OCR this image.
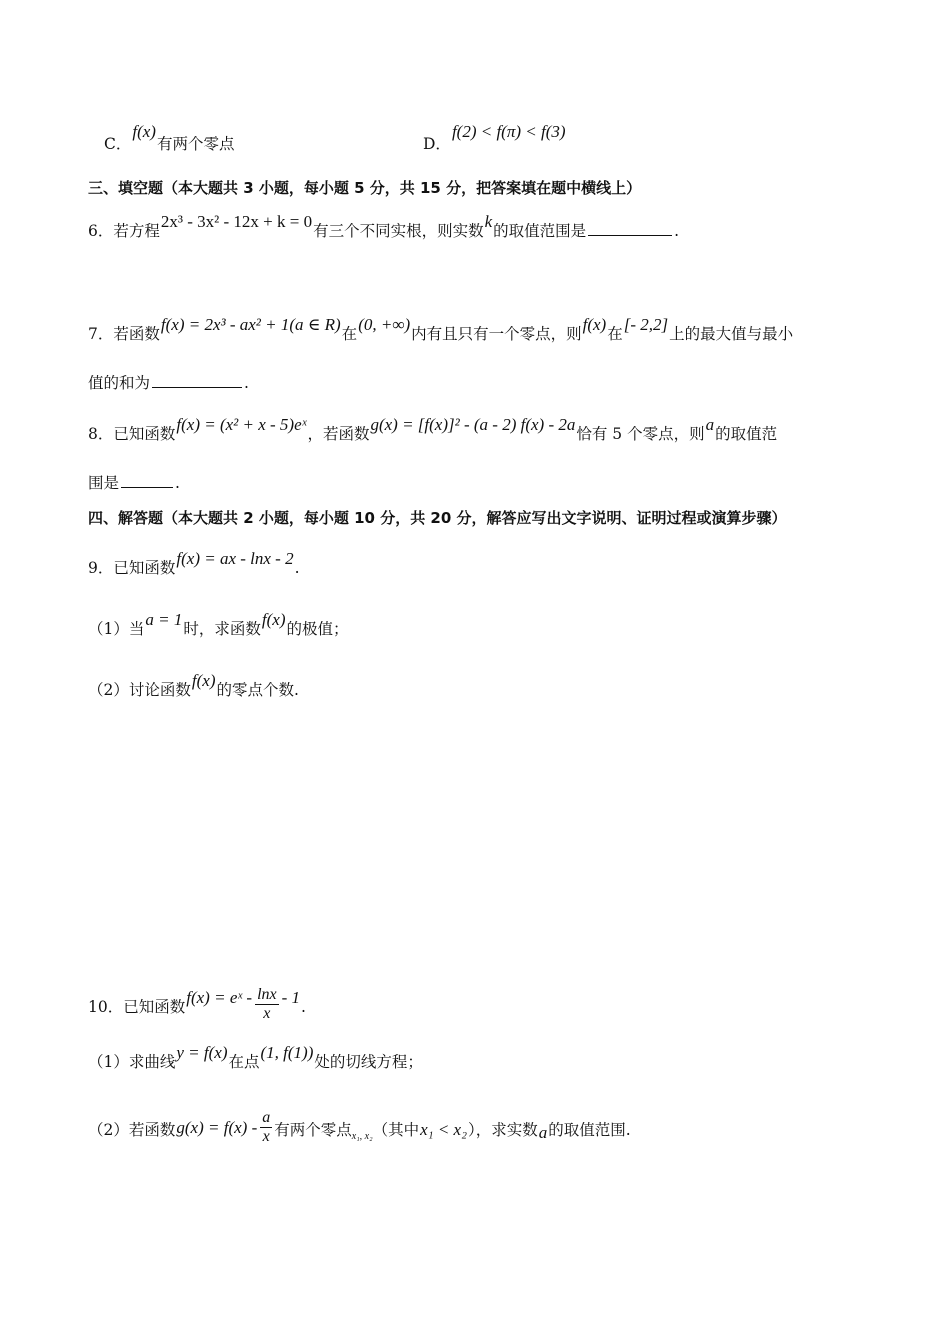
C．f(x)有两个零点	D．f(2) < f(π) < f(3)
三、填空题（本大题共 3 小题，每小题 5 分，共 15 分，把答案填在题中横线上）
6．若方程2x³ - 3x² - 12x + k = 0有三个不同实根，则实数k的取值范围是	.
7．若函数f(x) = 2x³ - ax² + 1(a ∈ R)在(0, +∞)内有且只有一个零点，则f(x)在[- 2,2]上的最大值与最小
值的和为	.
8．已知函数f(x) = (x² + x - 5)eˣ，若函数g(x) = [f(x)]² - (a - 2) f(x) - 2a恰有 5 个零点，则a的取值范
围是	.
四、解答题（本大题共 2 小题，每小题 10 分，共 20 分，解答应写出文字说明、证明过程或演算步骤）
9．已知函数f(x) = ax - lnx - 2.
（1）当a = 1时，求函数f(x)的极值；
（2）讨论函数f(x)的零点个数.
10．已知函数f(x) = eˣ - $\frac{\ln x}{x} - 1$.
（1）求曲线y = f(x)在点(1, f(1))处的切线方程；
（2）若函数$g(x) = f(x) - \frac{a}{x}$ 有两个零点$_{x_1, x_2}$（其中x₁ < x₂），求实数a的取值范围.
